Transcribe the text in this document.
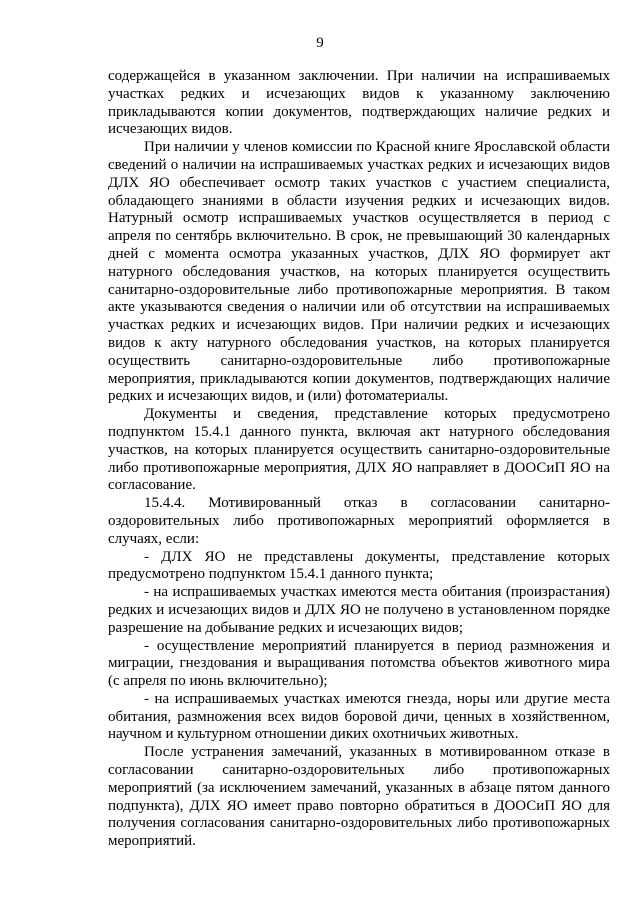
9

содержащейся в указанном заключении. При наличии на испрашиваемых участках редких и исчезающих видов к указанному заключению прикладываются копии документов, подтверждающих наличие редких и исчезающих видов.

При наличии у членов комиссии по Красной книге Ярославской области сведений о наличии на испрашиваемых участках редких и исчезающих видов ДЛХ ЯО обеспечивает осмотр таких участков с участием специалиста, обладающего знаниями в области изучения редких и исчезающих видов. Натурный осмотр испрашиваемых участков осуществляется в период с апреля по сентябрь включительно. В срок, не превышающий 30 календарных дней с момента осмотра указанных участков, ДЛХ ЯО формирует акт натурного обследования участков, на которых планируется осуществить санитарно-оздоровительные либо противопожарные мероприятия. В таком акте указываются сведения о наличии или об отсутствии на испрашиваемых участках редких и исчезающих видов. При наличии редких и исчезающих видов к акту натурного обследования участков, на которых планируется осуществить санитарно-оздоровительные либо противопожарные мероприятия, прикладываются копии документов, подтверждающих наличие редких и исчезающих видов, и (или) фотоматериалы.

Документы и сведения, представление которых предусмотрено подпунктом 15.4.1 данного пункта, включая акт натурного обследования участков, на которых планируется осуществить санитарно-оздоровительные либо противопожарные мероприятия, ДЛХ ЯО направляет в ДООСиП ЯО на согласование.

15.4.4. Мотивированный отказ в согласовании санитарно-оздоровительных либо противопожарных мероприятий оформляется в случаях, если:

- ДЛХ ЯО не представлены документы, представление которых предусмотрено подпунктом 15.4.1 данного пункта;

- на испрашиваемых участках имеются места обитания (произрастания) редких и исчезающих видов и ДЛХ ЯО не получено в установленном порядке разрешение на добывание редких и исчезающих видов;

- осуществление мероприятий планируется в период размножения и миграции, гнездования и выращивания потомства объектов животного мира (с апреля по июнь включительно);

- на испрашиваемых участках имеются гнезда, норы или другие места обитания, размножения всех видов боровой дичи, ценных в хозяйственном, научном и культурном отношении диких охотничьих животных.

После устранения замечаний, указанных в мотивированном отказе в согласовании санитарно-оздоровительных либо противопожарных мероприятий (за исключением замечаний, указанных в абзаце пятом данного подпункта), ДЛХ ЯО имеет право повторно обратиться в ДООСиП ЯО для получения согласования санитарно-оздоровительных либо противопожарных мероприятий.
